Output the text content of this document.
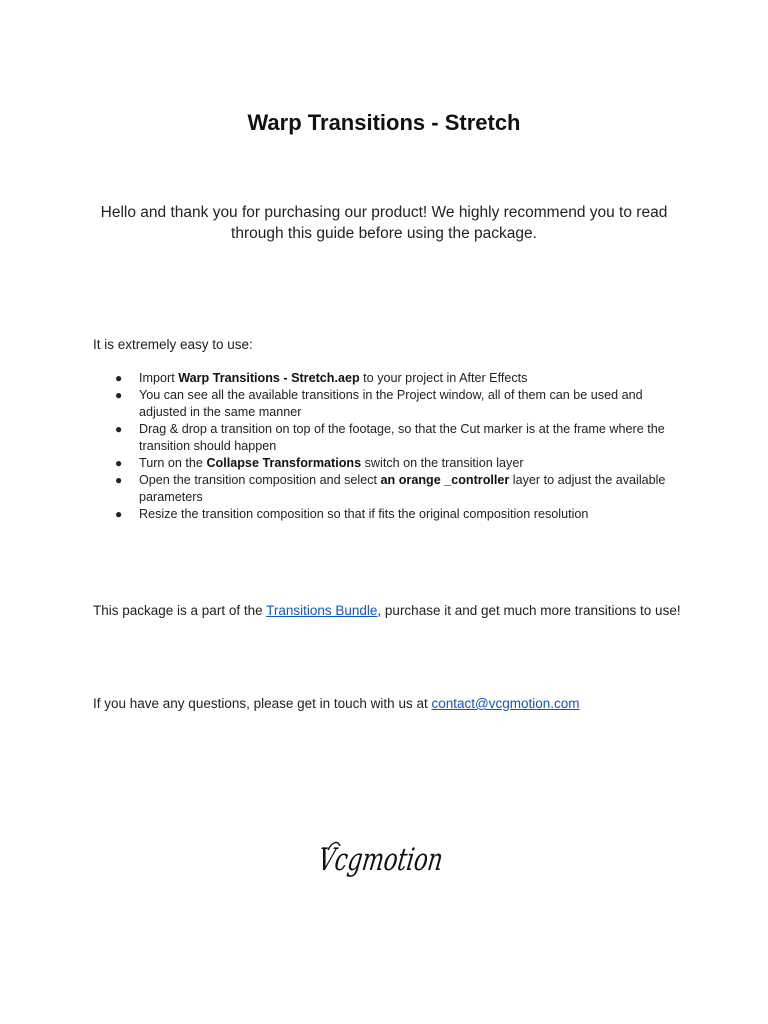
Warp Transitions - Stretch

Hello and thank you for purchasing our product! We highly recommend you to read through this guide before using the package.

It is extremely easy to use:

● Import Warp Transitions - Stretch.aep to your project in After Effects
● You can see all the available transitions in the Project window, all of them can be used and adjusted in the same manner
● Drag & drop a transition on top of the footage, so that the Cut marker is at the frame where the transition should happen
● Turn on the Collapse Transformations switch on the transition layer
● Open the transition composition and select an orange _controller layer to adjust the available parameters
● Resize the transition composition so that if fits the original composition resolution

This package is a part of the Transitions Bundle, purchase it and get much more transitions to use!

If you have any questions, please get in touch with us at contact@vcgmotion.com

Vcgmotion
